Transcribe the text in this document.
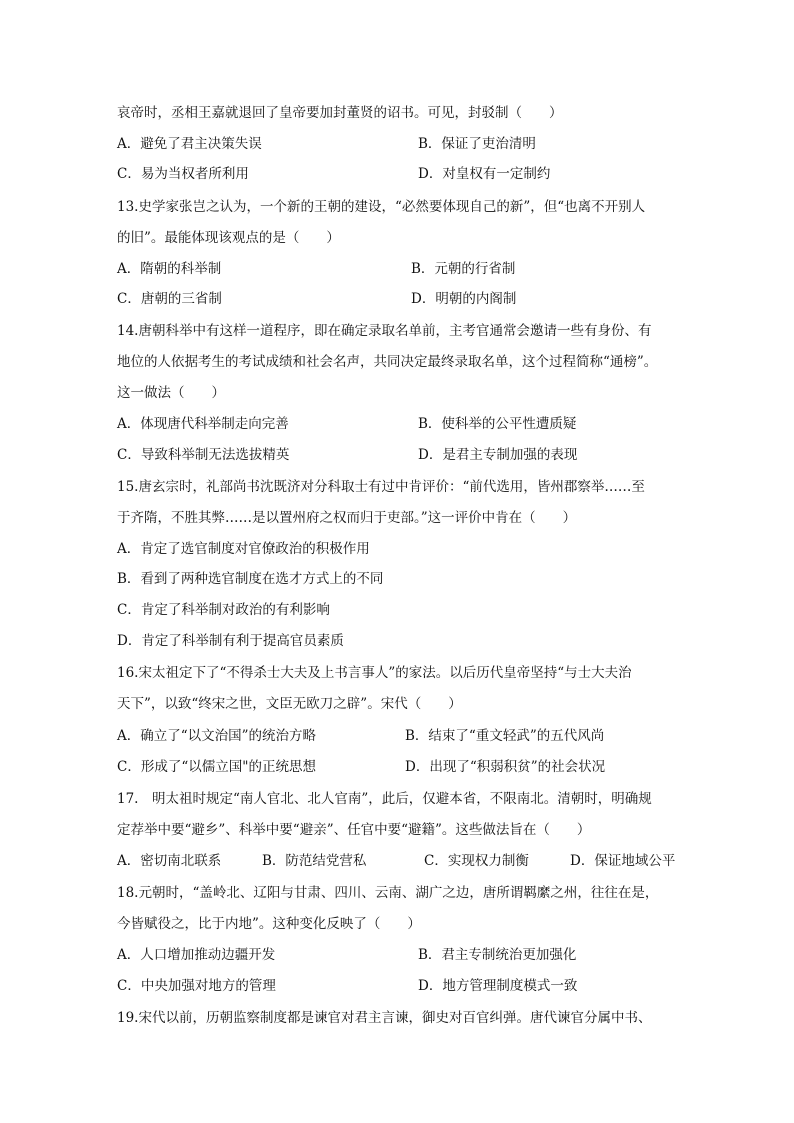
哀帝时，丞相王嘉就退回了皇帝要加封董贤的诏书。可见，封驳制（　　）
A．避免了君主决策失误	B．保证了吏治清明
C．易为当权者所利用	D．对皇权有一定制约
13.史学家张岂之认为，一个新的王朝的建设，“必然要体现自己的新”，但“也离不开别人
的旧”。最能体现该观点的是（　　）
A．隋朝的科举制	B．元朝的行省制
C．唐朝的三省制	D．明朝的内阁制
14.唐朝科举中有这样一道程序，即在确定录取名单前，主考官通常会邀请一些有身份、有
地位的人依据考生的考试成绩和社会名声，共同决定最终录取名单，这个过程简称“通榜”。
这一做法（　　）
A．体现唐代科举制走向完善	B．使科举的公平性遭质疑
C．导致科举制无法选拔精英	D．是君主专制加强的表现
15.唐玄宗时，礼部尚书沈既济对分科取士有过中肯评价：“前代选用，皆州郡察举……至
于齐隋，不胜其弊……是以置州府之权而归于吏部。”这一评价中肯在（　　）
A．肯定了选官制度对官僚政治的积极作用
B．看到了两种选官制度在选才方式上的不同
C．肯定了科举制对政治的有利影响
D．肯定了科举制有利于提高官员素质
16.宋太祖定下了“不得杀士大夫及上书言事人”的家法。以后历代皇帝坚持“与士大夫治
天下”，以致“终宋之世，文臣无欧刀之辟”。宋代（　　）
A．确立了“以文治国”的统治方略	B．结束了“重文轻武”的五代风尚
C．形成了“以儒立国"的正统思想	D．出现了“积弱积贫”的社会状况
17.　明太祖时规定“南人官北、北人官南”，此后，仅避本省，不限南北。清朝时，明确规
定荐举中要“避乡”、科举中要“避亲”、任官中要“避籍”。这些做法旨在（　　）
A．密切南北联系	B．防范结党营私	C．实现权力制衡	D．保证地域公平
18.元朝时，“盖岭北、辽阳与甘肃、四川、云南、湖广之边，唐所谓羁縻之州，往往在是，
今皆赋役之，比于内地”。这种变化反映了（　　）
A．人口增加推动边疆开发	B．君主专制统治更加强化
C．中央加强对地方的管理	D．地方管理制度模式一致
19.宋代以前，历朝监察制度都是谏官对君主言谏，御史对百官纠弹。唐代谏官分属中书、
